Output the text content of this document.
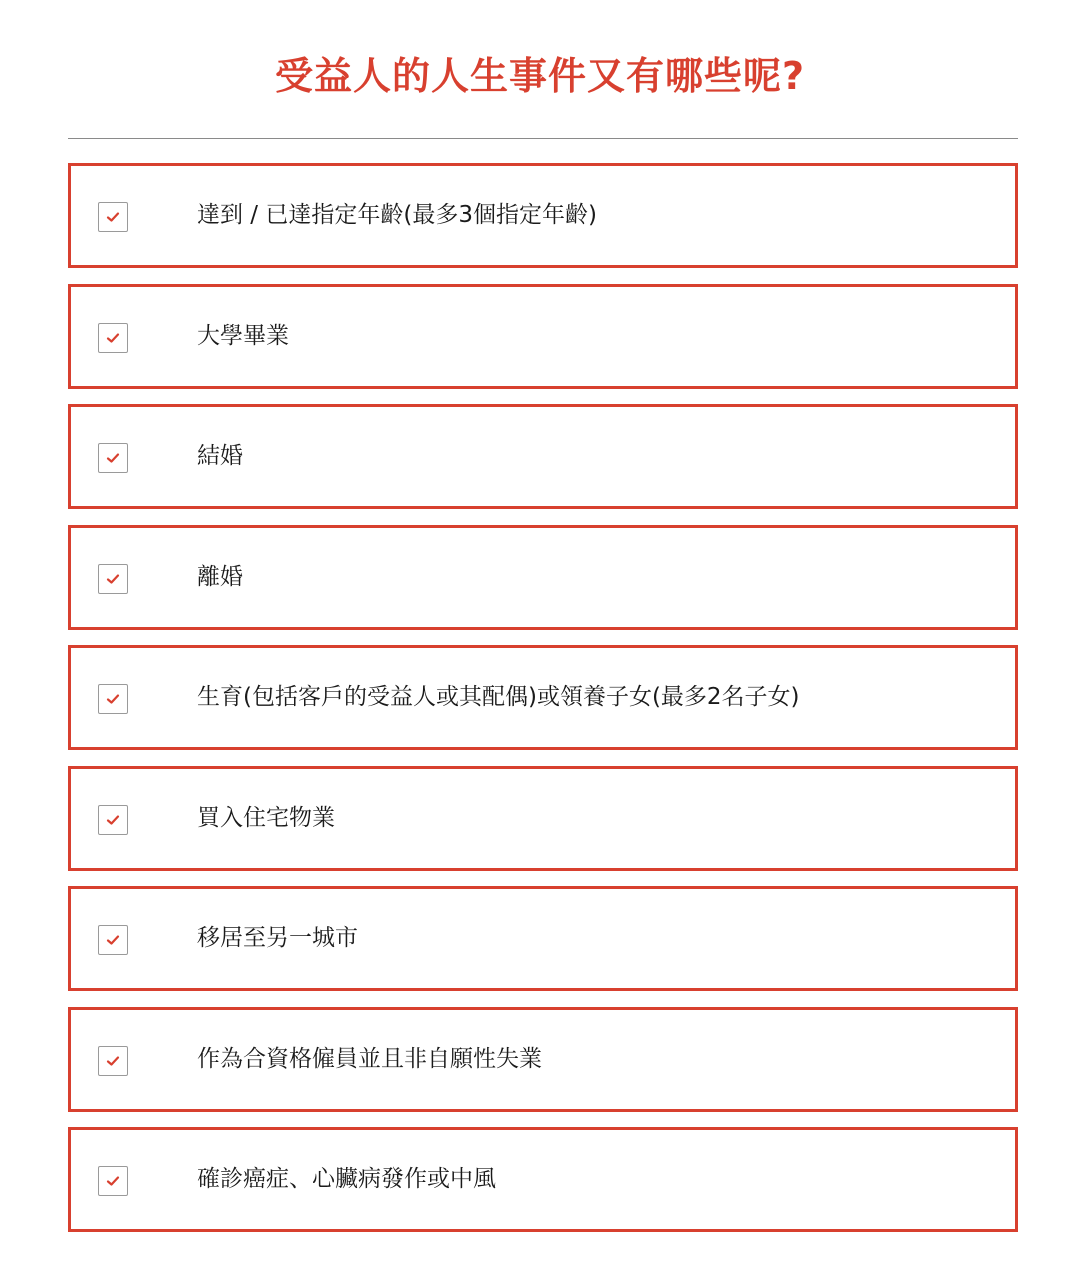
受益人的人生事件又有哪些呢?
達到 / 已達指定年齡(最多3個指定年齡)
大學畢業
結婚
離婚
生育(包括客戶的受益人或其配偶)或領養子女(最多2名子女)
買入住宅物業
移居至另一城市
作為合資格僱員並且非自願性失業
確診癌症、心臟病發作或中風
